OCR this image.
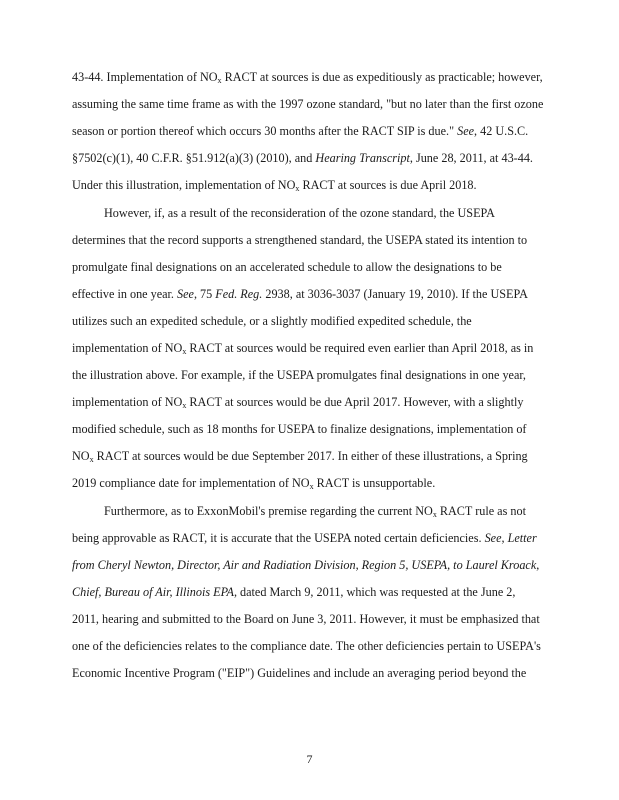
43-44. Implementation of $NO_x$ RACT at sources is due as expeditiously as practicable; however,
assuming the same time frame as with the 1997 ozone standard, "but no later than the first ozone
season or portion thereof which occurs 30 months after the RACT SIP is due." See, 42 U.S.C.
§7502(c)(1), 40 C.F.R. §51.912(a)(3) (2010), and Hearing Transcript, June 28, 2011, at 43-44.
Under this illustration, implementation of $NO_x$ RACT at sources is due April 2018.
However, if, as a result of the reconsideration of the ozone standard, the USEPA
determines that the record supports a strengthened standard, the USEPA stated its intention to
promulgate final designations on an accelerated schedule to allow the designations to be
effective in one year. See, 75 Fed. Reg. 2938, at 3036-3037 (January 19, 2010). If the USEPA
utilizes such an expedited schedule, or a slightly modified expedited schedule, the
implementation of $NO_x$ RACT at sources would be required even earlier than April 2018, as in
the illustration above. For example, if the USEPA promulgates final designations in one year,
implementation of $NO_x$ RACT at sources would be due April 2017. However, with a slightly
modified schedule, such as 18 months for USEPA to finalize designations, implementation of
$NO_x$ RACT at sources would be due September 2017. In either of these illustrations, a Spring
2019 compliance date for implementation of $NO_x$ RACT is unsupportable.
Furthermore, as to ExxonMobil's premise regarding the current $NO_x$ RACT rule as not
being approvable as RACT, it is accurate that the USEPA noted certain deficiencies. See, Letter
from Cheryl Newton, Director, Air and Radiation Division, Region 5, USEPA, to Laurel Kroack,
Chief, Bureau of Air, Illinois EPA, dated March 9, 2011, which was requested at the June 2,
2011, hearing and submitted to the Board on June 3, 2011. However, it must be emphasized that
one of the deficiencies relates to the compliance date. The other deficiencies pertain to USEPA's
Economic Incentive Program ("EIP") Guidelines and include an averaging period beyond the
7
